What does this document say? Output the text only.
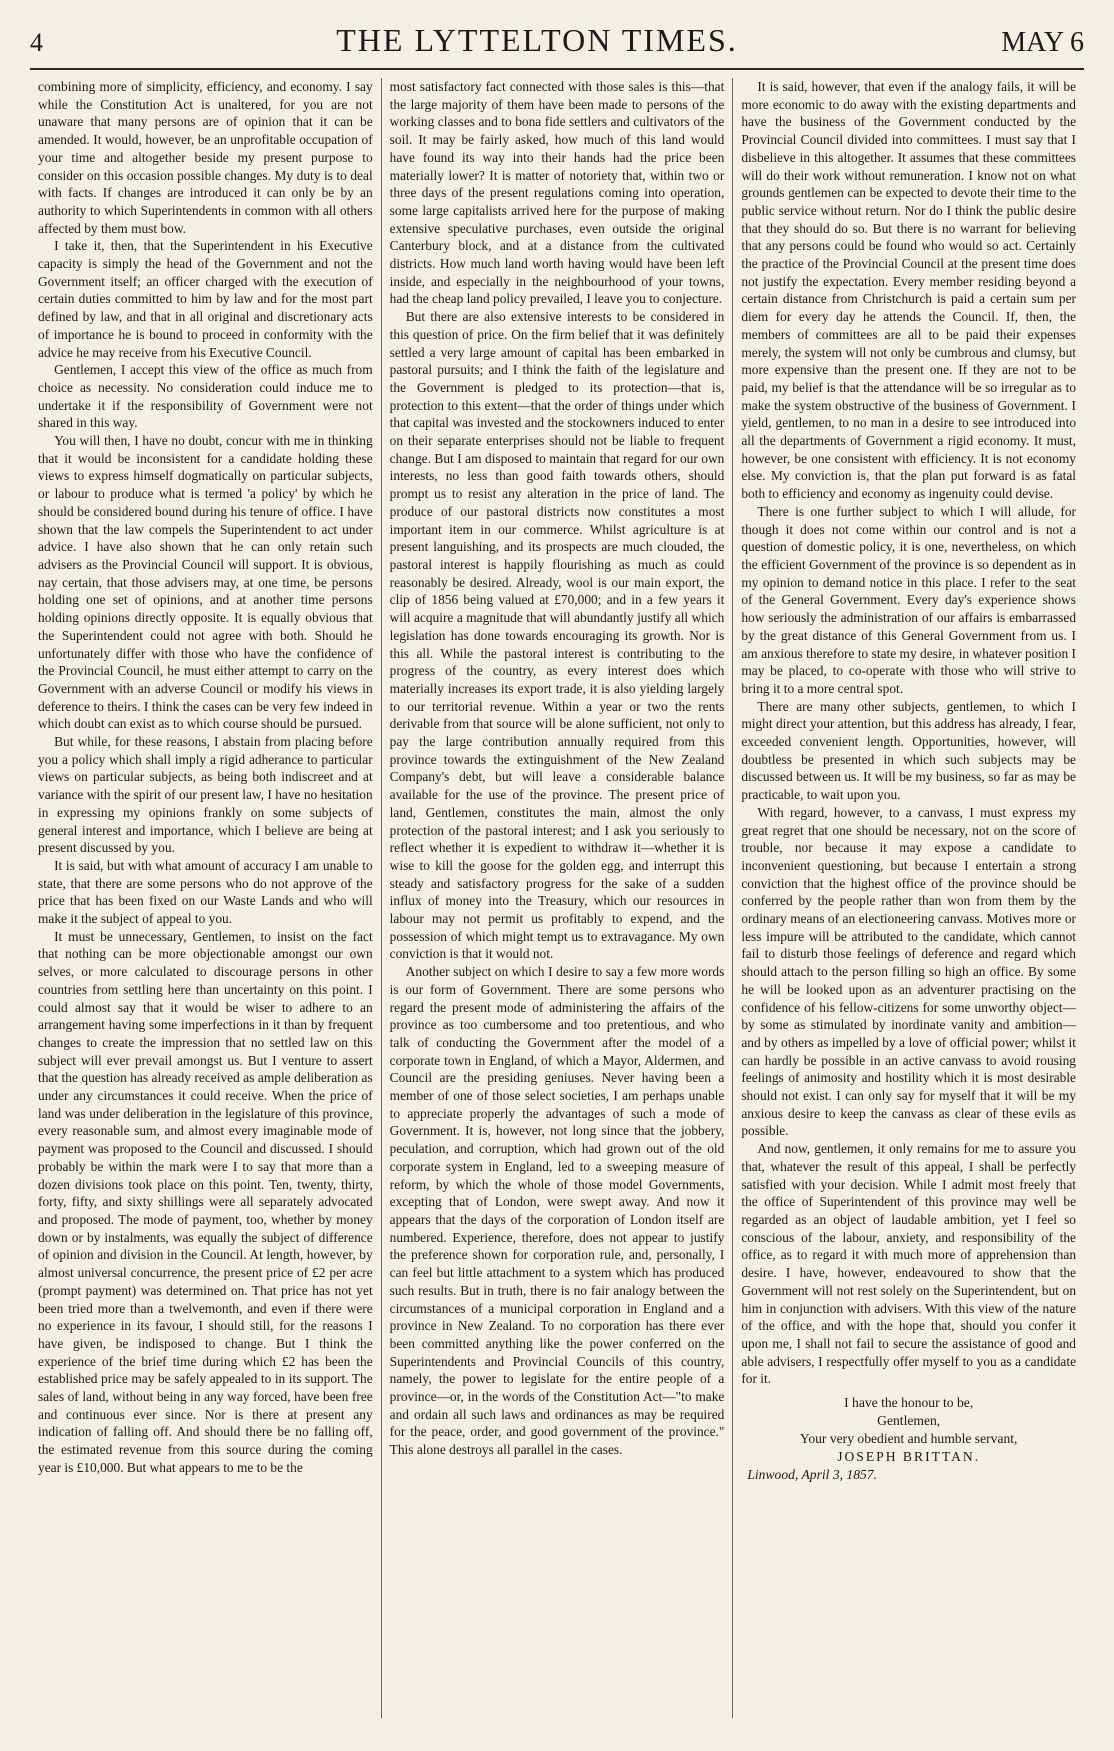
4	THE LYTTELTON TIMES.	MAY 6

combining more of simplicity, efficiency, and economy. I say while the Constitution Act is unaltered, for you are not unaware that many persons are of opinion that it can be amended. It would, however, be an unprofitable occupation of your time and altogether beside my present purpose to consider on this occasion possible changes. My duty is to deal with facts. If changes are introduced it can only be by an authority to which Superintendents in common with all others affected by them must bow.

I take it, then, that the Superintendent in his Executive capacity is simply the head of the Government and not the Government itself; an officer charged with the execution of certain duties committed to him by law and for the most part defined by law, and that in all original and discretionary acts of importance he is bound to proceed in conformity with the advice he may receive from his Executive Council.

Gentlemen, I accept this view of the office as much from choice as necessity. No consideration could induce me to undertake it if the responsibility of Government were not shared in this way.

You will then, I have no doubt, concur with me in thinking that it would be inconsistent for a candidate holding these views to express himself dogmatically on particular subjects, or labour to produce what is termed 'a policy' by which he should be considered bound during his tenure of office. I have shown that the law compels the Superintendent to act under advice. I have also shown that he can only retain such advisers as the Provincial Council will support. It is obvious, nay certain, that those advisers may, at one time, be persons holding one set of opinions, and at another time persons holding opinions directly opposite. It is equally obvious that the Superintendent could not agree with both. Should he unfortunately differ with those who have the confidence of the Provincial Council, he must either attempt to carry on the Government with an adverse Council or modify his views in deference to theirs. I think the cases can be very few indeed in which doubt can exist as to which course should be pursued.

But while, for these reasons, I abstain from placing before you a policy which shall imply a rigid adherance to particular views on particular subjects, as being both indiscreet and at variance with the spirit of our present law, I have no hesitation in expressing my opinions frankly on some subjects of general interest and importance, which I believe are being at present discussed by you.

It is said, but with what amount of accuracy I am unable to state, that there are some persons who do not approve of the price that has been fixed on our Waste Lands and who will make it the subject of appeal to you.

It must be unnecessary, Gentlemen, to insist on the fact that nothing can be more objectionable amongst our own selves, or more calculated to discourage persons in other countries from settling here than uncertainty on this point. I could almost say that it would be wiser to adhere to an arrangement having some imperfections in it than by frequent changes to create the impression that no settled law on this subject will ever prevail amongst us. But I venture to assert that the question has already received as ample deliberation as under any circumstances it could receive. When the price of land was under deliberation in the legislature of this province, every reasonable sum, and almost every imaginable mode of payment was proposed to the Council and discussed. I should probably be within the mark were I to say that more than a dozen divisions took place on this point. Ten, twenty, thirty, forty, fifty, and sixty shillings were all separately advocated and proposed. The mode of payment, too, whether by money down or by instalments, was equally the subject of difference of opinion and division in the Council. At length, however, by almost universal concurrence, the present price of £2 per acre (prompt payment) was determined on. That price has not yet been tried more than a twelvemonth, and even if there were no experience in its favour, I should still, for the reasons I have given, be indisposed to change. But I think the experience of the brief time during which £2 has been the established price may be safely appealed to in its support. The sales of land, without being in any way forced, have been free and continuous ever since. Nor is there at present any indication of falling off. And should there be no falling off, the estimated revenue from this source during the coming year is £10,000. But what appears to me to be the

most satisfactory fact connected with those sales is this—that the large majority of them have been made to persons of the working classes and to bona fide settlers and cultivators of the soil. It may be fairly asked, how much of this land would have found its way into their hands had the price been materially lower? It is matter of notoriety that, within two or three days of the present regulations coming into operation, some large capitalists arrived here for the purpose of making extensive speculative purchases, even outside the original Canterbury block, and at a distance from the cultivated districts. How much land worth having would have been left inside, and especially in the neighbourhood of your towns, had the cheap land policy prevailed, I leave you to conjecture.

But there are also extensive interests to be considered in this question of price. On the firm belief that it was definitely settled a very large amount of capital has been embarked in pastoral pursuits; and I think the faith of the legislature and the Government is pledged to its protection—that is, protection to this extent—that the order of things under which that capital was invested and the stockowners induced to enter on their separate enterprises should not be liable to frequent change. But I am disposed to maintain that regard for our own interests, no less than good faith towards others, should prompt us to resist any alteration in the price of land. The produce of our pastoral districts now constitutes a most important item in our commerce. Whilst agriculture is at present languishing, and its prospects are much clouded, the pastoral interest is happily flourishing as much as could reasonably be desired. Already, wool is our main export, the clip of 1856 being valued at £70,000; and in a few years it will acquire a magnitude that will abundantly justify all which legislation has done towards encouraging its growth. Nor is this all. While the pastoral interest is contributing to the progress of the country, as every interest does which materially increases its export trade, it is also yielding largely to our territorial revenue. Within a year or two the rents derivable from that source will be alone sufficient, not only to pay the large contribution annually required from this province towards the extinguishment of the New Zealand Company's debt, but will leave a considerable balance available for the use of the province. The present price of land, Gentlemen, constitutes the main, almost the only protection of the pastoral interest; and I ask you seriously to reflect whether it is expedient to withdraw it—whether it is wise to kill the goose for the golden egg, and interrupt this steady and satisfactory progress for the sake of a sudden influx of money into the Treasury, which our resources in labour may not permit us profitably to expend, and the possession of which might tempt us to extravagance. My own conviction is that it would not.

Another subject on which I desire to say a few more words is our form of Government. There are some persons who regard the present mode of administering the affairs of the province as too cumbersome and too pretentious, and who talk of conducting the Government after the model of a corporate town in England, of which a Mayor, Aldermen, and Council are the presiding geniuses. Never having been a member of one of those select societies, I am perhaps unable to appreciate properly the advantages of such a mode of Government. It is, however, not long since that the jobbery, peculation, and corruption, which had grown out of the old corporate system in England, led to a sweeping measure of reform, by which the whole of those model Governments, excepting that of London, were swept away. And now it appears that the days of the corporation of London itself are numbered. Experience, therefore, does not appear to justify the preference shown for corporation rule, and, personally, I can feel but little attachment to a system which has produced such results. But in truth, there is no fair analogy between the circumstances of a municipal corporation in England and a province in New Zealand. To no corporation has there ever been committed anything like the power conferred on the Superintendents and Provincial Councils of this country, namely, the power to legislate for the entire people of a province—or, in the words of the Constitution Act—"to make and ordain all such laws and ordinances as may be required for the peace, order, and good government of the province." This alone destroys all parallel in the cases.

It is said, however, that even if the analogy fails, it will be more economic to do away with the existing departments and have the business of the Government conducted by the Provincial Council divided into committees. I must say that I disbelieve in this altogether. It assumes that these committees will do their work without remuneration. I know not on what grounds gentlemen can be expected to devote their time to the public service without return. Nor do I think the public desire that they should do so. But there is no warrant for believing that any persons could be found who would so act. Certainly the practice of the Provincial Council at the present time does not justify the expectation. Every member residing beyond a certain distance from Christchurch is paid a certain sum per diem for every day he attends the Council. If, then, the members of committees are all to be paid their expenses merely, the system will not only be cumbrous and clumsy, but more expensive than the present one. If they are not to be paid, my belief is that the attendance will be so irregular as to make the system obstructive of the business of Government. I yield, gentlemen, to no man in a desire to see introduced into all the departments of Government a rigid economy. It must, however, be one consistent with efficiency. It is not economy else. My conviction is, that the plan put forward is as fatal both to efficiency and economy as ingenuity could devise.

There is one further subject to which I will allude, for though it does not come within our control and is not a question of domestic policy, it is one, nevertheless, on which the efficient Government of the province is so dependent as in my opinion to demand notice in this place. I refer to the seat of the General Government. Every day's experience shows how seriously the administration of our affairs is embarrassed by the great distance of this General Government from us. I am anxious therefore to state my desire, in whatever position I may be placed, to co-operate with those who will strive to bring it to a more central spot.

There are many other subjects, gentlemen, to which I might direct your attention, but this address has already, I fear, exceeded convenient length. Opportunities, however, will doubtless be presented in which such subjects may be discussed between us. It will be my business, so far as may be practicable, to wait upon you.

With regard, however, to a canvass, I must express my great regret that one should be necessary, not on the score of trouble, nor because it may expose a candidate to inconvenient questioning, but because I entertain a strong conviction that the highest office of the province should be conferred by the people rather than won from them by the ordinary means of an electioneering canvass. Motives more or less impure will be attributed to the candidate, which cannot fail to disturb those feelings of deference and regard which should attach to the person filling so high an office. By some he will be looked upon as an adventurer practising on the confidence of his fellow-citizens for some unworthy object—by some as stimulated by inordinate vanity and ambition—and by others as impelled by a love of official power; whilst it can hardly be possible in an active canvass to avoid rousing feelings of animosity and hostility which it is most desirable should not exist. I can only say for myself that it will be my anxious desire to keep the canvass as clear of these evils as possible.

And now, gentlemen, it only remains for me to assure you that, whatever the result of this appeal, I shall be perfectly satisfied with your decision. While I admit most freely that the office of Superintendent of this province may well be regarded as an object of laudable ambition, yet I feel so conscious of the labour, anxiety, and responsibility of the office, as to regard it with much more of apprehension than desire. I have, however, endeavoured to show that the Government will not rest solely on the Superintendent, but on him in conjunction with advisers. With this view of the nature of the office, and with the hope that, should you confer it upon me, I shall not fail to secure the assistance of good and able advisers, I respectfully offer myself to you as a candidate for it.

I have the honour to be,
Gentlemen,
Your very obedient and humble servant,
JOSEPH BRITTAN.
Linwood, April 3, 1857.
